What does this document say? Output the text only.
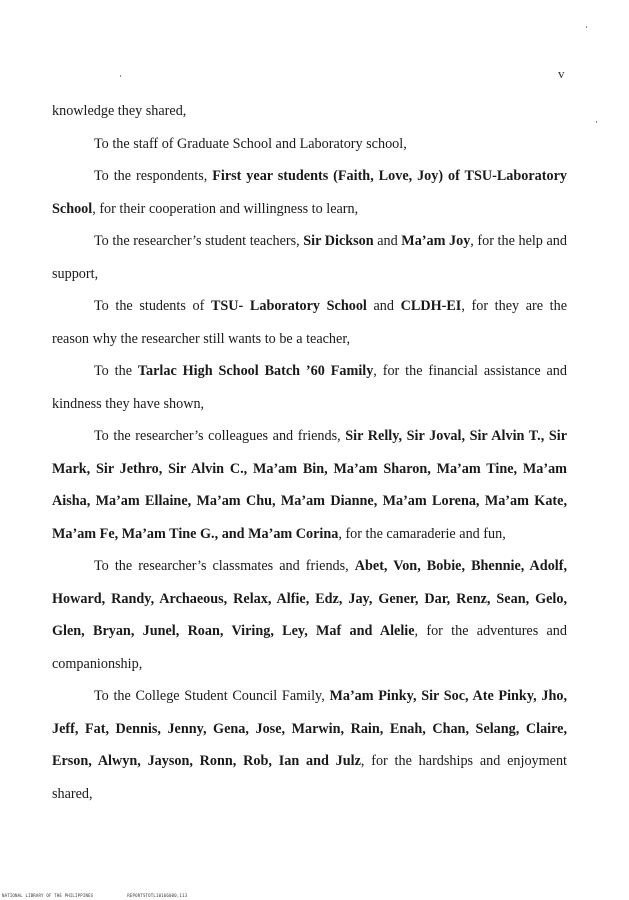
v

knowledge they shared,

To the staff of Graduate School and Laboratory school,

To the respondents, First year students (Faith, Love, Joy) of TSU-Laboratory School, for their cooperation and willingness to learn,

To the researcher’s student teachers, Sir Dickson and Ma’am Joy, for the help and support,

To the students of TSU- Laboratory School and CLDH-EI, for they are the reason why the researcher still wants to be a teacher,

To the Tarlac High School Batch ’60 Family, for the financial assistance and kindness they have shown,

To the researcher’s colleagues and friends, Sir Relly, Sir Joval, Sir Alvin T., Sir Mark, Sir Jethro, Sir Alvin C., Ma’am Bin, Ma’am Sharon, Ma’am Tine, Ma’am Aisha, Ma’am Ellaine, Ma’am Chu, Ma’am Dianne, Ma’am Lorena, Ma’am Kate, Ma’am Fe, Ma’am Tine G., and Ma’am Corina, for the camaraderie and fun,

To the researcher’s classmates and friends, Abet, Von, Bobie, Bhennie, Adolf, Howard, Randy, Archaeous, Relax, Alfie, Edz, Jay, Gener, Dar, Renz, Sean, Gelo, Glen, Bryan, Junel, Roan, Viring, Ley, Maf and Alelie, for the adventures and companionship,

To the College Student Council Family, Ma’am Pinky, Sir Soc, Ate Pinky, Jho, Jeff, Fat, Dennis, Jenny, Gena, Jose, Marwin, Rain, Enah, Chan, Selang, Claire, Erson, Alwyn, Jayson, Ronn, Rob, Ian and Julz, for the hardships and enjoyment shared,

NATIONAL LIBRARY OF THE PHILIPPINES	REPORTSTOTL10166000,113
